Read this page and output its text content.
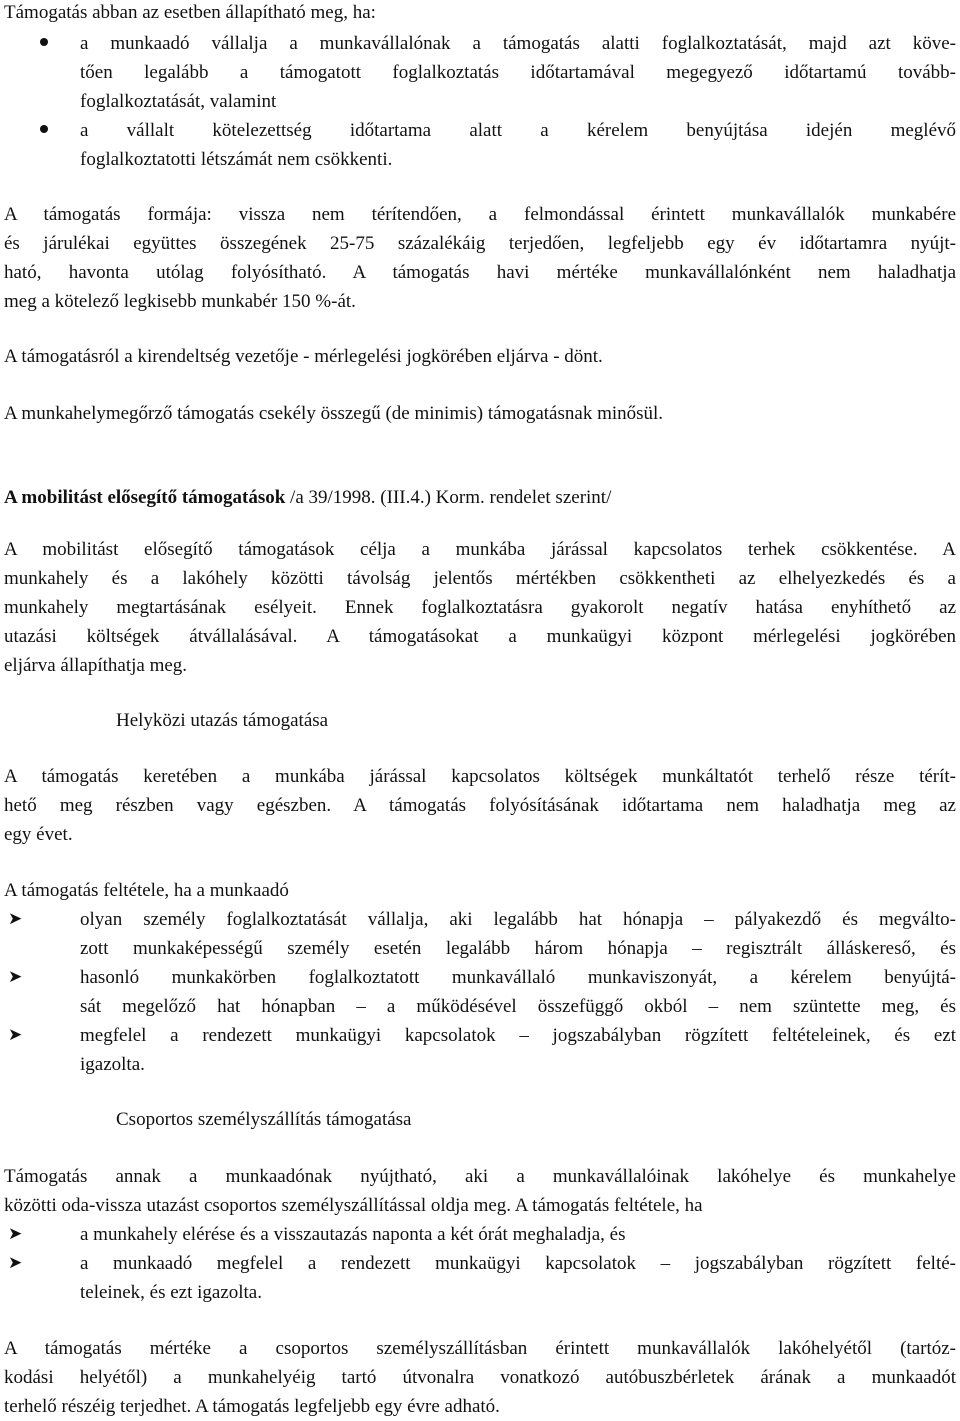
Támogatás abban az esetben állapítható meg, ha:

a munkaadó vállalja a munkavállalónak a támogatás alatti foglalkoztatását, majd azt köve-
tően legalább a támogatott foglalkoztatás időtartamával megegyező időtartamú tovább-
foglalkoztatását, valamint
a vállalt kötelezettség időtartama alatt a kérelem benyújtása idején meglévő
foglalkoztatotti létszámát nem csökkenti.
A támogatás formája: vissza nem térítendően, a felmondással érintett munkavállalók munkabére
és járulékai együttes összegének 25-75 százalékáig terjedően, legfeljebb egy év időtartamra nyújt-
ható, havonta utólag folyósítható. A támogatás havi mértéke munkavállalónként nem haladhatja
meg a kötelező legkisebb munkabér 150 %-át.

A támogatásról a kirendeltség vezetője - mérlegelési jogkörében eljárva - dönt.

A munkahelymegőrző támogatás csekély összegű (de minimis) támogatásnak minősül.

A mobilitást elősegítő támogatások /a 39/1998. (III.4.) Korm. rendelet szerint/

A mobilitást elősegítő támogatások célja a munkába járással kapcsolatos terhek csökkentése. A
munkahely és a lakóhely közötti távolság jelentős mértékben csökkentheti az elhelyezkedés és a
munkahely megtartásának esélyeit. Ennek foglalkoztatásra gyakorolt negatív hatása enyhíthető az
utazási költségek átvállalásával. A támogatásokat a munkaügyi központ mérlegelési jogkörében
eljárva állapíthatja meg.

Helyközi utazás támogatása

A támogatás keretében a munkába járással kapcsolatos költségek munkáltatót terhelő része térít-
hető meg részben vagy egészben. A támogatás folyósításának időtartama nem haladhatja meg az
egy évet.

A támogatás feltétele, ha a munkaadó

➤	olyan személy foglalkoztatását vállalja, aki legalább hat hónapja – pályakezdő és megválto-
zott munkaképességű személy esetén legalább három hónapja – regisztrált álláskereső, és
➤	hasonló munkakörben foglalkoztatott munkavállaló munkaviszonyát, a kérelem benyújtá-
sát megelőző hat hónapban – a működésével összefüggő okból – nem szüntette meg, és
➤	megfelel a rendezett munkaügyi kapcsolatok – jogszabályban rögzített feltételeinek, és ezt
igazolta.

Csoportos személyszállítás támogatása

Támogatás annak a munkaadónak nyújtható, aki a munkavállalóinak lakóhelye és munkahelye
közötti oda-vissza utazást csoportos személyszállítással oldja meg. A támogatás feltétele, ha
➤	a munkahely elérése és a visszautazás naponta a két órát meghaladja, és
➤	a munkaadó megfelel a rendezett munkaügyi kapcsolatok – jogszabályban rögzített felté-
teleinek, és ezt igazolta.
A támogatás mértéke a csoportos személyszállításban érintett munkavállalók lakóhelyétől (tartóz-
kodási helyétől) a munkahelyéig tartó útvonalra vonatkozó autóbuszbérletek árának a munkaadót
terhelő részéig terjedhet. A támogatás legfeljebb egy évre adható.
